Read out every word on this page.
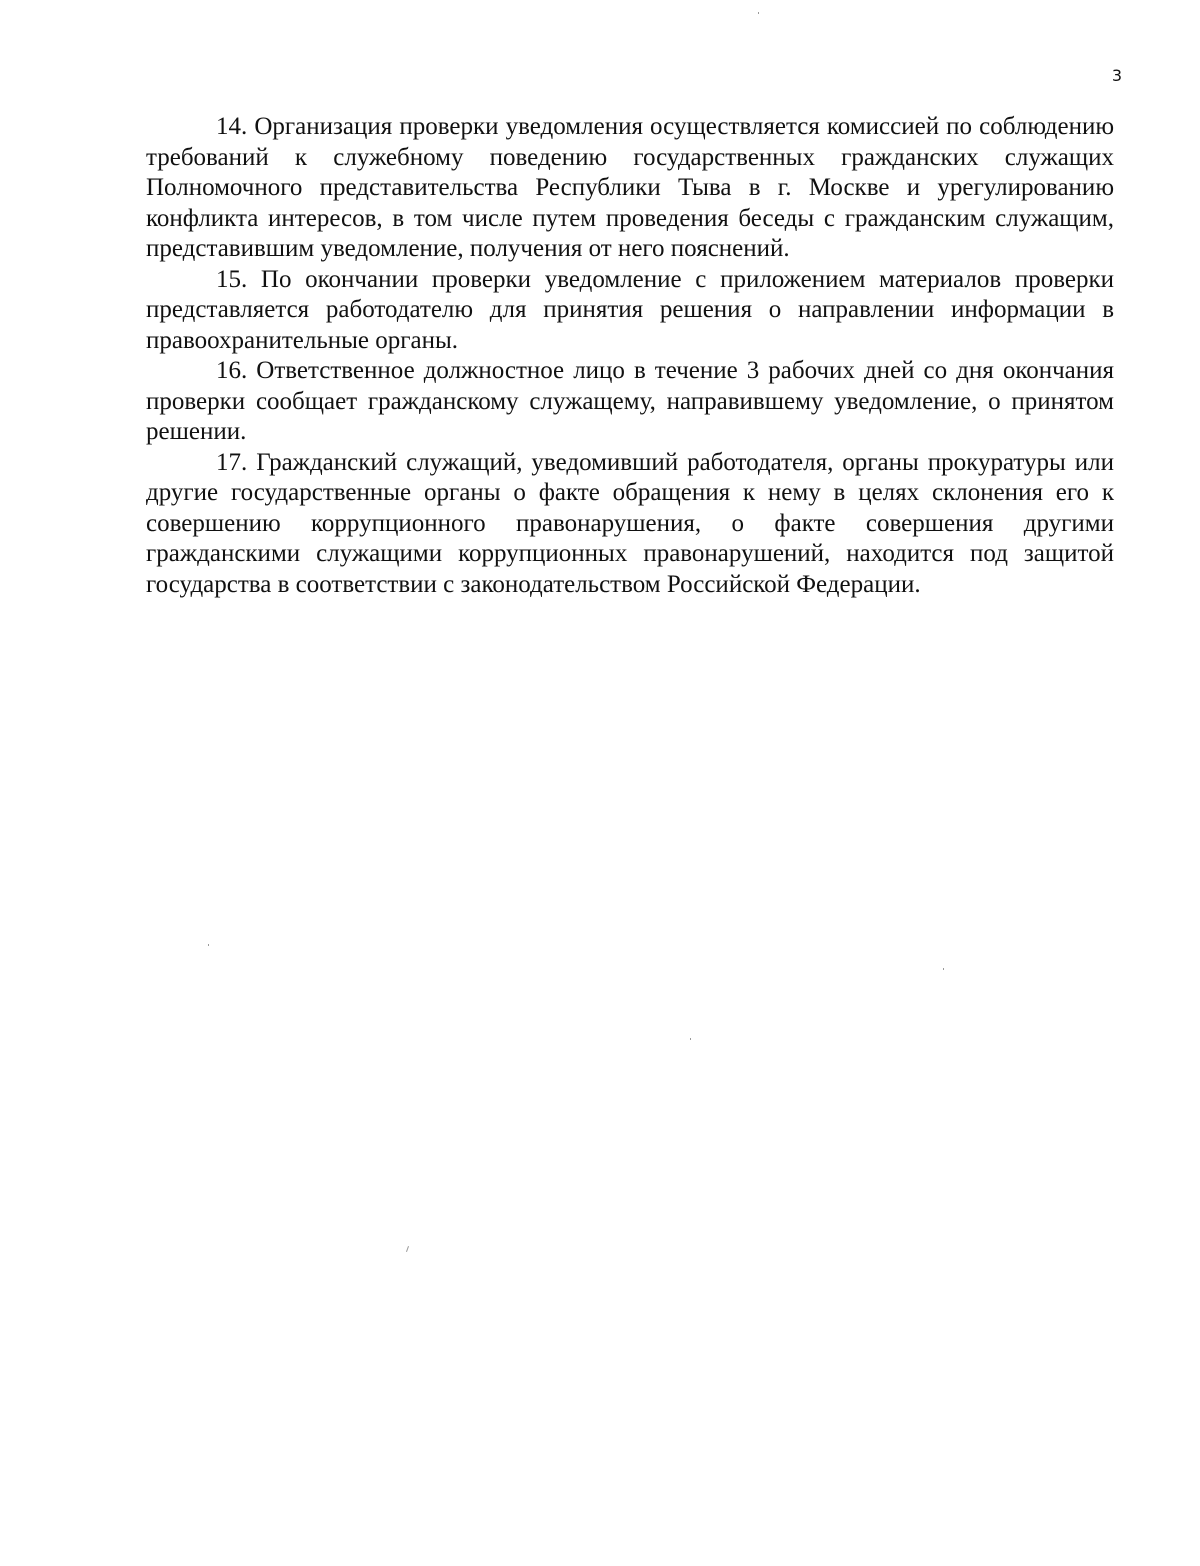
3

14. Организация проверки уведомления осуществляется комиссией по соблюдению требований к служебному поведению государственных гражданских служащих Полномочного представительства Республики Тыва в г. Москве и урегулированию конфликта интересов, в том числе путем проведения беседы с гражданским служащим, представившим уведомление, получения от него пояснений.

15. По окончании проверки уведомление с приложением материалов проверки представляется работодателю для принятия решения о направлении информации в правоохранительные органы.

16. Ответственное должностное лицо в течение 3 рабочих дней со дня окончания проверки сообщает гражданскому служащему, направившему уведомление, о принятом решении.

17. Гражданский служащий, уведомивший работодателя, органы прокуратуры или другие государственные органы о факте обращения к нему в целях склонения его к совершению коррупционного правонарушения, о факте совершения другими гражданскими служащими коррупционных правонарушений, находится под защитой государства в соответствии с законодательством Российской Федерации.
